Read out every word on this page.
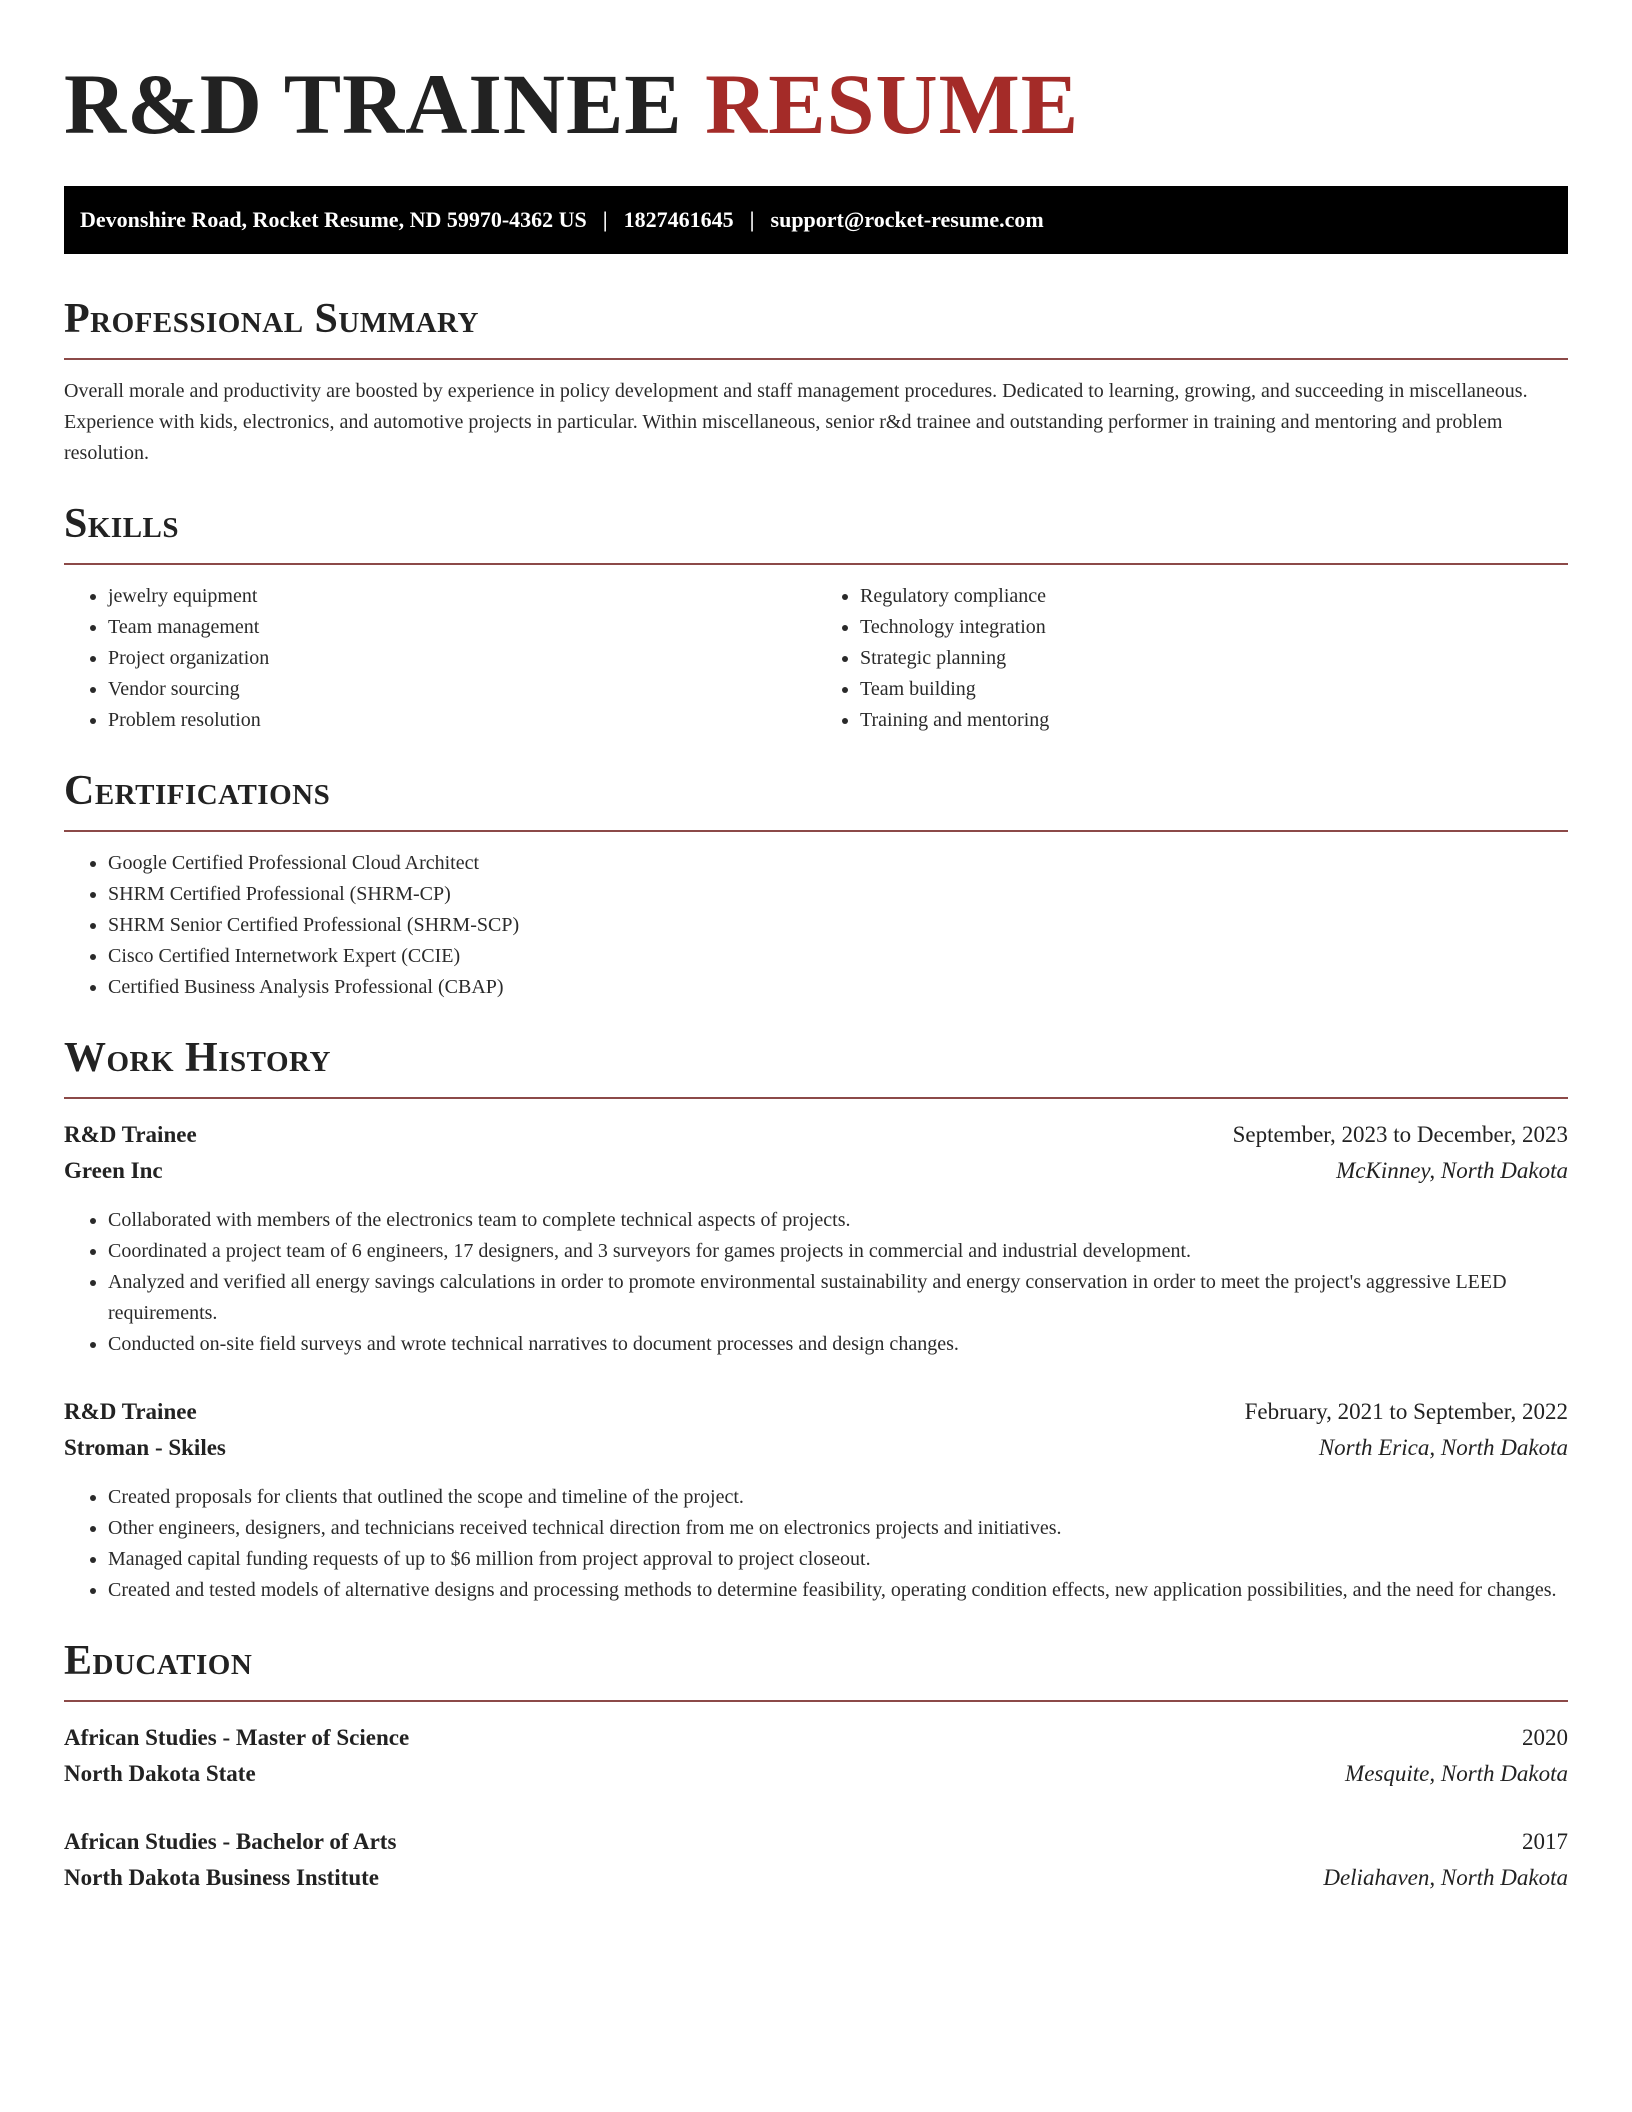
R&D TRAINEE RESUME
Devonshire Road, Rocket Resume, ND 59970-4362 US | 1827461645 | support@rocket-resume.com
Professional Summary

Overall morale and productivity are boosted by experience in policy development and staff management procedures. Dedicated to learning, growing, and succeeding in miscellaneous. Experience with kids, electronics, and automotive projects in particular. Within miscellaneous, senior r&d trainee and outstanding performer in training and mentoring and problem resolution.

Skills
• jewelry equipment
• Team management
• Project organization
• Vendor sourcing
• Problem resolution
• Regulatory compliance
• Technology integration
• Strategic planning
• Team building
• Training and mentoring
Certifications
• Google Certified Professional Cloud Architect
• SHRM Certified Professional (SHRM-CP)
• SHRM Senior Certified Professional (SHRM-SCP)
• Cisco Certified Internetwork Expert (CCIE)
• Certified Business Analysis Professional (CBAP)
Work History
R&D Trainee	September, 2023 to December, 2023
Green Inc	McKinney, North Dakota
• Collaborated with members of the electronics team to complete technical aspects of projects.
• Coordinated a project team of 6 engineers, 17 designers, and 3 surveyors for games projects in commercial and industrial development.
• Analyzed and verified all energy savings calculations in order to promote environmental sustainability and energy conservation in order to meet the project's aggressive LEED requirements.
• Conducted on-site field surveys and wrote technical narratives to document processes and design changes.
R&D Trainee	February, 2021 to September, 2022
Stroman - Skiles	North Erica, North Dakota
• Created proposals for clients that outlined the scope and timeline of the project.
• Other engineers, designers, and technicians received technical direction from me on electronics projects and initiatives.
• Managed capital funding requests of up to $6 million from project approval to project closeout.
• Created and tested models of alternative designs and processing methods to determine feasibility, operating condition effects, new application possibilities, and the need for changes.
Education
African Studies - Master of Science	2020
North Dakota State	Mesquite, North Dakota
African Studies - Bachelor of Arts	2017
North Dakota Business Institute	Deliahaven, North Dakota
